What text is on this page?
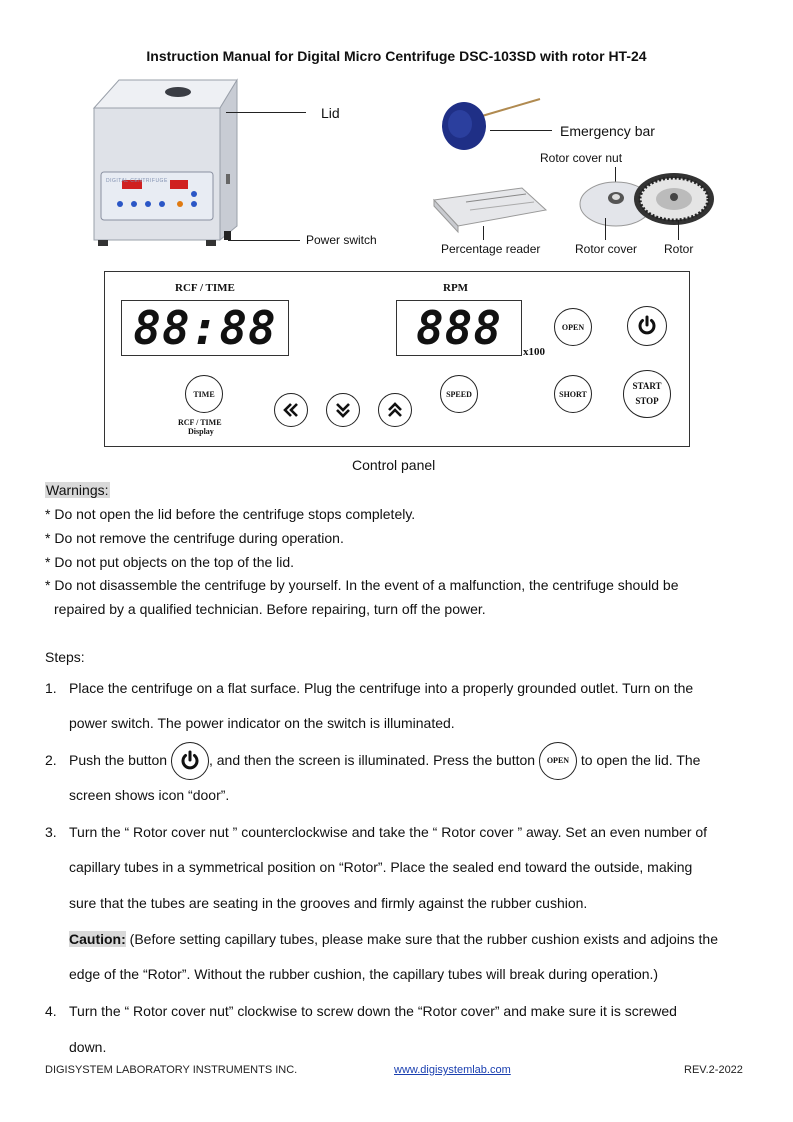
Instruction Manual for Digital Micro Centrifuge DSC-103SD with rotor HT-24
DIGITAL CENTRIFUGE
Lid
Power switch
Emergency bar
Rotor cover nut
Percentage reader	Rotor cover Rotor
RCF / TIME	RPM
88:88	888	x100
OPEN
TIME
RCF / TIME
Display
SPEED	SHORT
START
STOP
Control panel
Warnings:
* Do not open the lid before the centrifuge stops completely.
* Do not remove the centrifuge during operation.
* Do not put objects on the top of the lid.
* Do not disassemble the centrifuge by yourself. In the event of a malfunction, the centrifuge should be
repaired by a qualified technician. Before repairing, turn off the power.
Steps:
1. Place the centrifuge on a flat surface. Plug the centrifuge into a properly grounded outlet. Turn on the
power switch. The power indicator on the switch is illuminated.
2. Push the button	, and then the screen is illuminated. Press the button OPEN to open the lid. The
screen shows icon “door”.
3. Turn the “ Rotor cover nut ” counterclockwise and take the “ Rotor cover ” away. Set an even number of
capillary tubes in a symmetrical position on “Rotor”. Place the sealed end toward the outside, making
sure that the tubes are seating in the grooves and firmly against the rubber cushion.
Caution: (Before setting capillary tubes, please make sure that the rubber cushion exists and adjoins the
edge of the “Rotor”. Without the rubber cushion, the capillary tubes will break during operation.)
4. Turn the “ Rotor cover nut” clockwise to screw down the “Rotor cover” and make sure it is screwed
down.
DIGISYSTEM LABORATORY INSTRUMENTS INC.	www.digisystemlab.com	REV.2-2022
